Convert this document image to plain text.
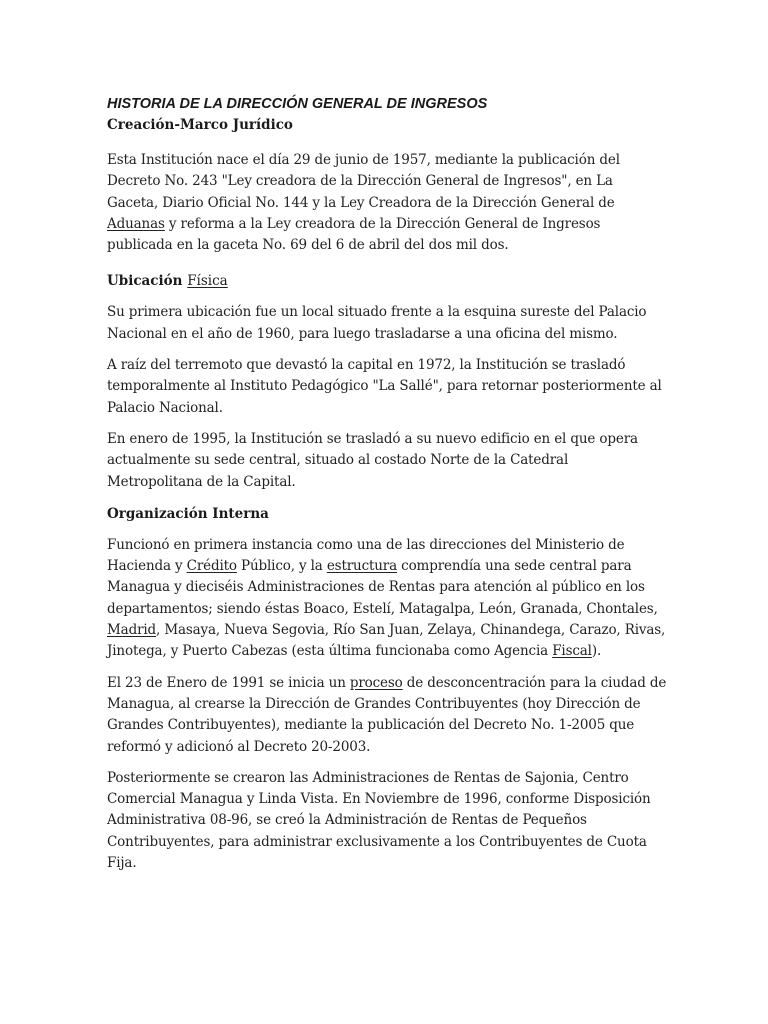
HISTORIA DE LA DIRECCIÓN GENERAL DE INGRESOS
Creación-Marco Jurídico

Esta Institución nace el día 29 de junio de 1957, mediante la publicación del Decreto No. 243 "Ley creadora de la Dirección General de Ingresos", en La Gaceta, Diario Oficial No. 144 y la Ley Creadora de la Dirección General de Aduanas y reforma a la Ley creadora de la Dirección General de Ingresos publicada en la gaceta No. 69 del 6 de abril del dos mil dos.

Ubicación Física

Su primera ubicación fue un local situado frente a la esquina sureste del Palacio Nacional en el año de 1960, para luego trasladarse a una oficina del mismo.

A raíz del terremoto que devastó la capital en 1972, la Institución se trasladó temporalmente al Instituto Pedagógico "La Sallé", para retornar posteriormente al Palacio Nacional.

En enero de 1995, la Institución se trasladó a su nuevo edificio en el que opera actualmente su sede central, situado al costado Norte de la Catedral Metropolitana de la Capital.

Organización Interna

Funcionó en primera instancia como una de las direcciones del Ministerio de Hacienda y Crédito Público, y la estructura comprendía una sede central para Managua y dieciséis Administraciones de Rentas para atención al público en los departamentos; siendo éstas Boaco, Estelí, Matagalpa, León, Granada, Chontales, Madrid, Masaya, Nueva Segovia, Río San Juan, Zelaya, Chinandega, Carazo, Rivas, Jinotega, y Puerto Cabezas (esta última funcionaba como Agencia Fiscal).

El 23 de Enero de 1991 se inicia un proceso de desconcentración para la ciudad de Managua, al crearse la Dirección de Grandes Contribuyentes (hoy Dirección de Grandes Contribuyentes), mediante la publicación del Decreto No. 1-2005 que reformó y adicionó al Decreto 20-2003.

Posteriormente se crearon las Administraciones de Rentas de Sajonia, Centro Comercial Managua y Linda Vista. En Noviembre de 1996, conforme Disposición Administrativa 08-96, se creó la Administración de Rentas de Pequeños Contribuyentes, para administrar exclusivamente a los Contribuyentes de Cuota Fija.
